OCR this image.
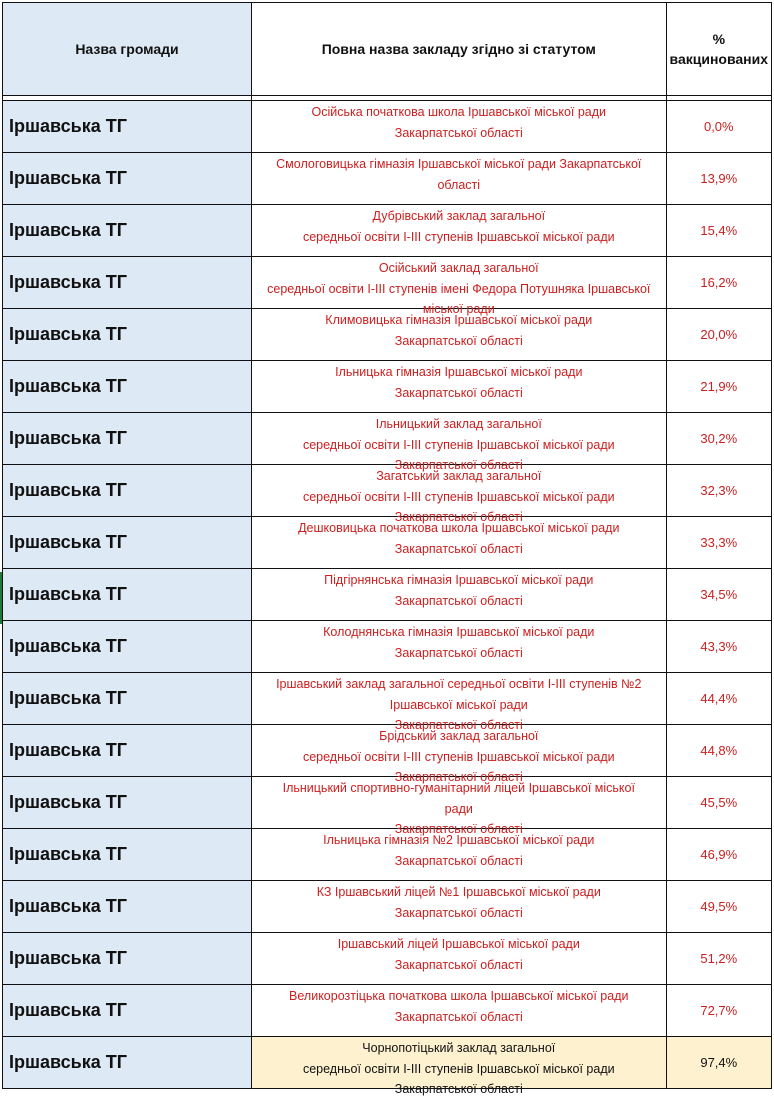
Назва громади	Повна назва закладу згідно зі статутом	%
вакцинованих

Іршавська ТГ	Осійська початкова школа Іршавської міської ради
Закарпатської області	0,0%
Іршавська ТГ	Смологовицька гімназія Іршавської міської ради Закарпатської
області	13,9%
Іршавська ТГ	Дубрівський заклад загальної
середньої освіти I-III ступенів Іршавської міської ради	15,4%
Іршавська ТГ	Осійський заклад загальної
середньої освіти I-III ступенів імені Федора Потушняка Іршавської
міської ради	16,2%
Іршавська ТГ	Климовицька гімназія Іршавської міської ради
Закарпатської області	20,0%
Іршавська ТГ	Ільницька гімназія Іршавської міської ради
Закарпатської області	21,9%
Іршавська ТГ	Ільницький заклад загальної
середньої освіти I-III ступенів Іршавської міської ради
Закарпатської області	30,2%
Іршавська ТГ	Загатський заклад загальної
середньої освіти I-III ступенів Іршавської міської ради
Закарпатської області	32,3%
Іршавська ТГ	Дешковицька початкова школа Іршавської міської ради
Закарпатської області	33,3%
Іршавська ТГ	Підгірнянська гімназія Іршавської міської ради
Закарпатської області	34,5%
Іршавська ТГ	Колоднянська гімназія Іршавської міської ради
Закарпатської області	43,3%
Іршавська ТГ	Іршавський заклад загальної середньої освіти I-III ступенів №2
Іршавської міської ради
Закарпатської області	44,4%
Іршавська ТГ	Брідський заклад загальної
середньої освіти I-III ступенів Іршавської міської ради
Закарпатської області	44,8%
Іршавська ТГ	Ільницький спортивно-гуманітарний ліцей Іршавської міської
ради
Закарпатської області	45,5%
Іршавська ТГ	Ільницька гімназія №2 Іршавської міської ради
Закарпатської області	46,9%
Іршавська ТГ	КЗ Іршавський ліцей №1 Іршавської міської ради
Закарпатської області	49,5%
Іршавська ТГ	Іршавський ліцей Іршавської міської ради
Закарпатської області	51,2%
Іршавська ТГ	Великорозтіцька початкова школа Іршавської міської ради
Закарпатської області	72,7%
Іршавська ТГ	Чорнопотіцький заклад загальної
середньої освіти I-III ступенів Іршавської міської ради
Закарпатської області	97,4%
